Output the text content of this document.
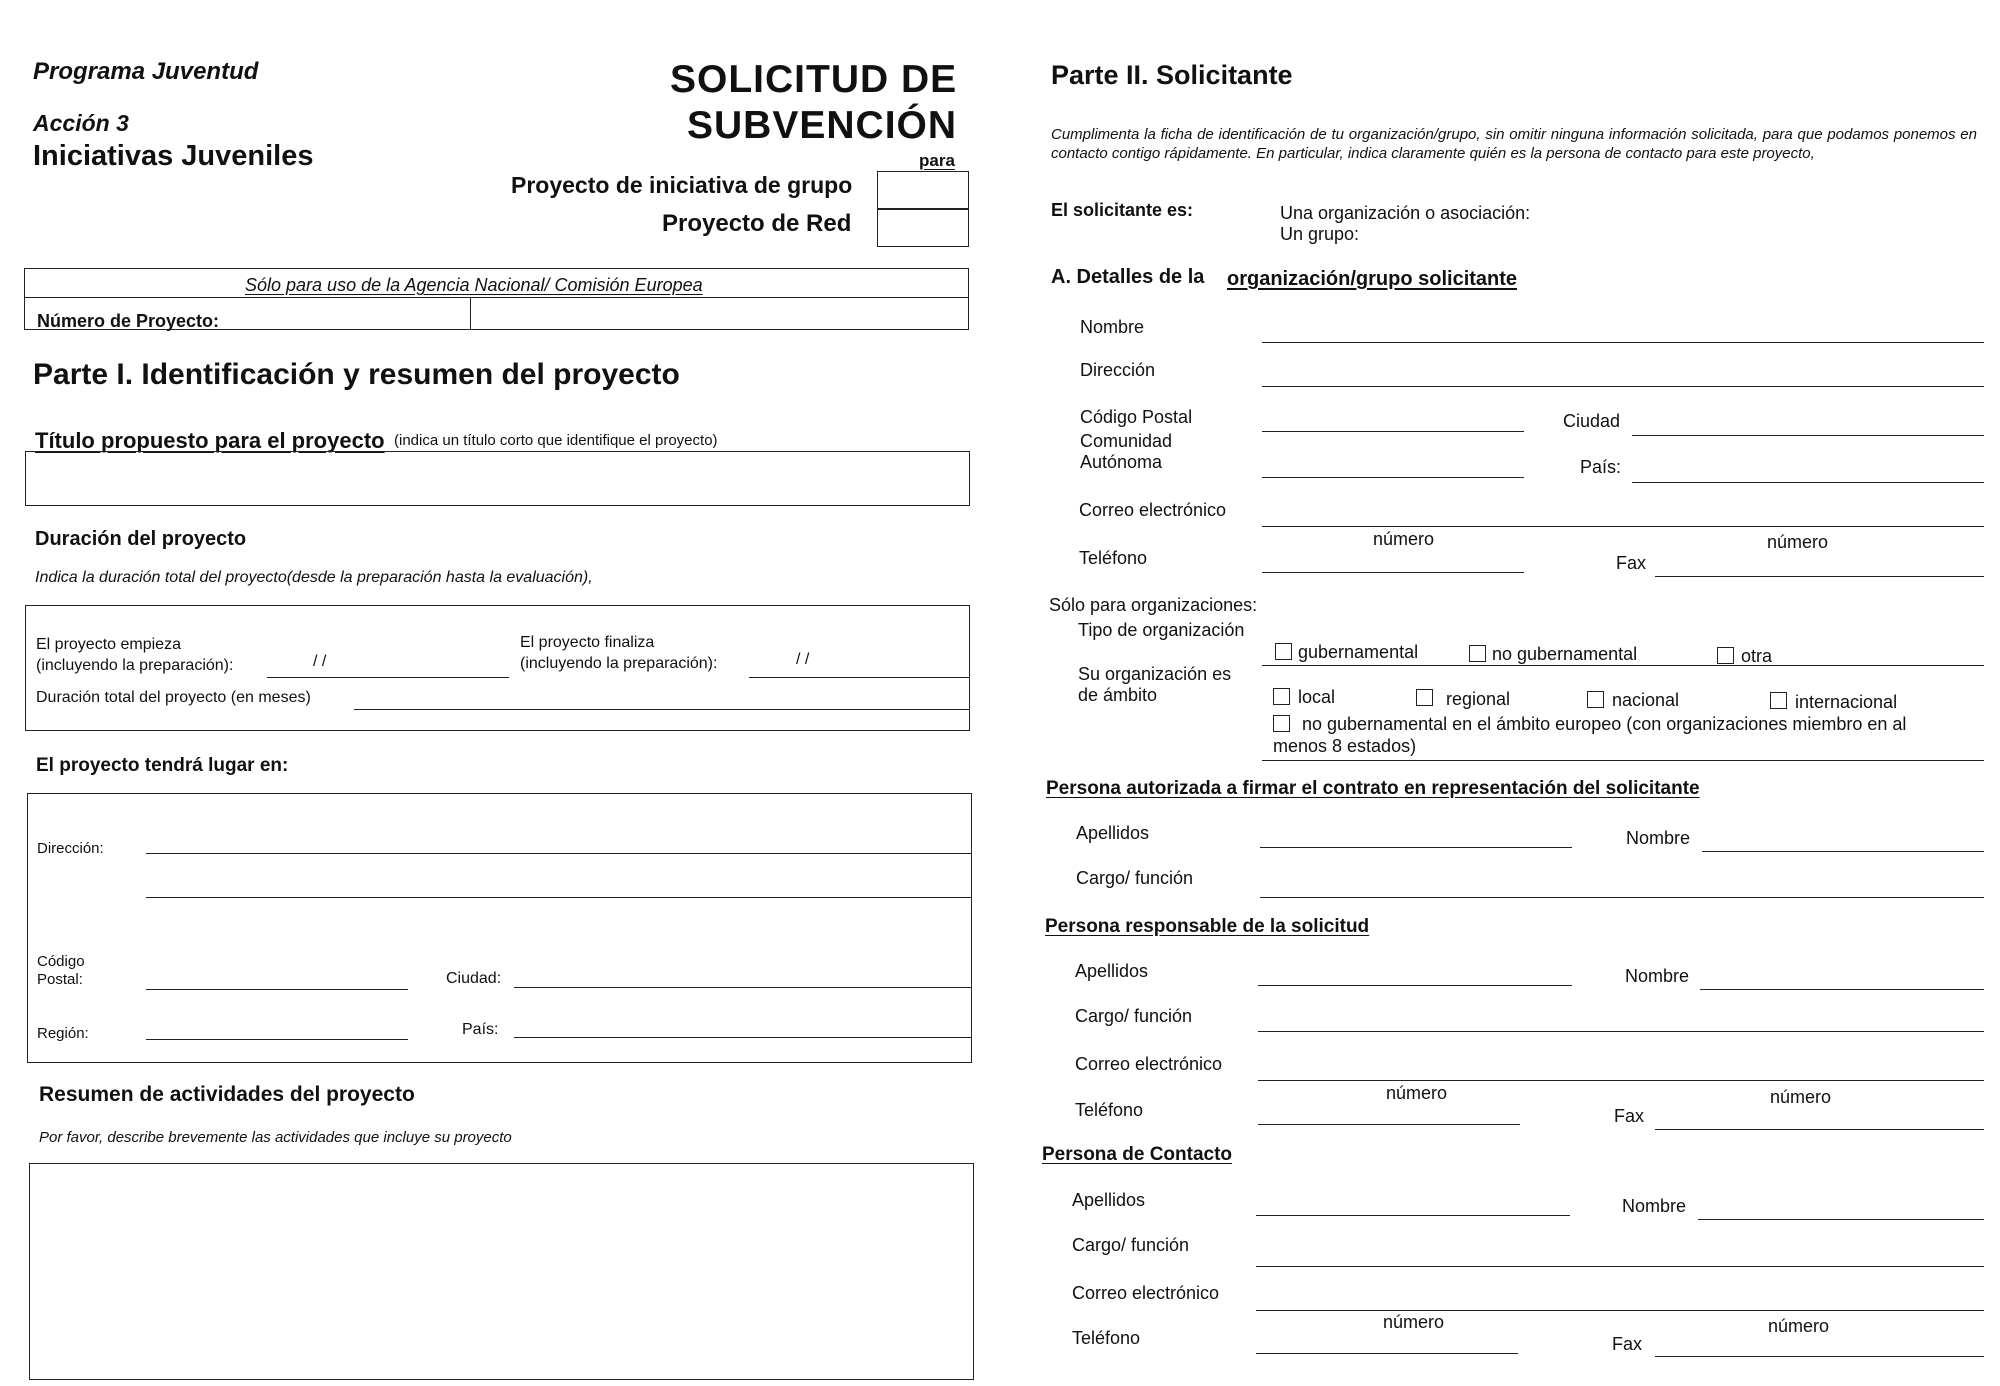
Programa Juventud
Acción 3
Iniciativas Juveniles
SOLICITUD DE
SUBVENCIÓN
para
Proyecto de iniciativa de grupo
Proyecto de Red
Sólo para uso de la Agencia Nacional/ Comisión Europea
Número de Proyecto:
Parte I. Identificación y resumen del proyecto
Título propuesto para el proyecto (indica un título corto que identifique el proyecto)
Duración del proyecto
Indica la duración total del proyecto(desde la preparación hasta la evaluación),
El proyecto empieza
(incluyendo la preparación):	/ /
El proyecto finaliza
(incluyendo la preparación):	/ /
Duración total del proyecto (en meses)
El proyecto tendrá lugar en:
Dirección:
Código
Postal:	Ciudad:
Región:	País:
Resumen de actividades del proyecto
Por favor, describe brevemente las actividades que incluye su proyecto
Parte II. Solicitante
Cumplimenta la ficha de identificación de tu organización/grupo, sin omitir ninguna información solicitada, para que podamos ponemos en contacto contigo rápidamente. En particular, indica claramente quién es la persona de contacto para este proyecto,
El solicitante es:	Una organización o asociación:
Un grupo:
A. Detalles de la organización/grupo solicitante
Nombre
Dirección
Código Postal	Ciudad
Comunidad
Autónoma	País:
Correo electrónico
número	número
Teléfono	Fax
Sólo para organizaciones:
Tipo de organización
gubernamental	no gubernamental	otra
Su organización es
de ámbito	local	regional	nacional	internacional
no gubernamental en el ámbito europeo (con organizaciones miembro en al
menos 8 estados)
Persona autorizada a firmar el contrato en representación del solicitante
Apellidos	Nombre
Cargo/ función
Persona responsable de la solicitud
Apellidos	Nombre
Cargo/ función
Correo electrónico
número	número
Teléfono	Fax
Persona de Contacto
Apellidos	Nombre
Cargo/ función
Correo electrónico
número	número
Teléfono	Fax
